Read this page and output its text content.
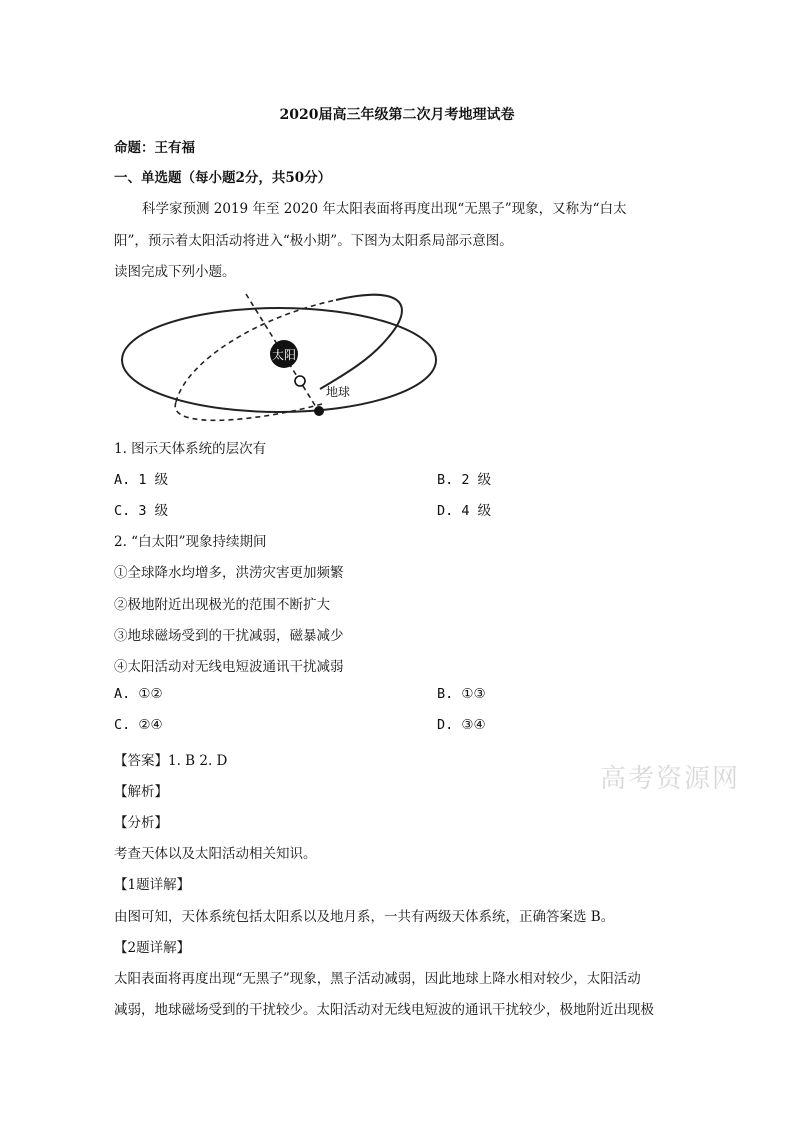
2020届高三年级第二次月考地理试卷
命题：王有福
一、单选题（每小题2分，共50分）
科学家预测 2019 年至 2020 年太阳表面将再度出现“无黑子”现象，又称为“白太
阳”，预示着太阳活动将进入“极小期”。下图为太阳系局部示意图。
读图完成下列小题。
太阳
地球
1. 图示天体系统的层次有
A. 1 级	B. 2 级
C. 3 级	D. 4 级
2. “白太阳”现象持续期间
①全球降水均增多，洪涝灾害更加频繁
②极地附近出现极光的范围不断扩大
③地球磁场受到的干扰减弱，磁暴减少
④太阳活动对无线电短波通讯干扰减弱
A. ①②	B. ①③
C. ②④	D. ③④
【答案】1. B 2. D
高考资源网
【解析】
【分析】
考查天体以及太阳活动相关知识。
【1题详解】
由图可知，天体系统包括太阳系以及地月系，一共有两级天体系统，正确答案选 B。
【2题详解】
太阳表面将再度出现“无黑子”现象，黑子活动减弱，因此地球上降水相对较少，太阳活动
减弱，地球磁场受到的干扰较少。太阳活动对无线电短波的通讯干扰较少，极地附近出现极
